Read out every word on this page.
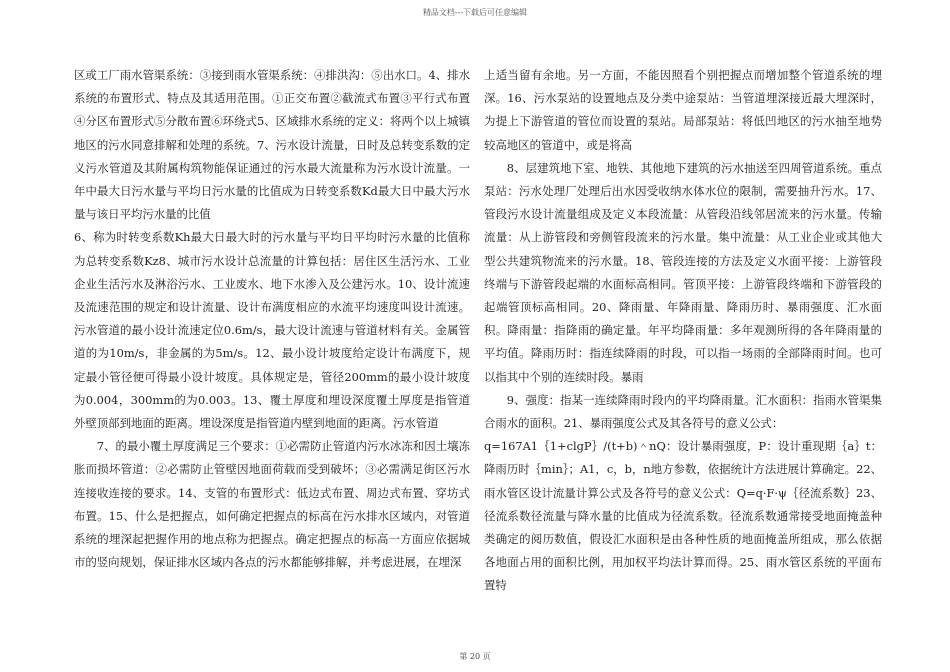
精品文档---下载后可任意编辑

区或工厂雨水管渠系统：③接到雨水管渠系统：④排洪沟：⑤出水口。4、排水系统的布置形式、特点及其适用范围。①正交布置②截流式布置③平行式布置④分区布置形式⑤分散布置⑥环绕式5、区域排水系统的定义：将两个以上城镇地区的污水同意排解和处理的系统。7、污水设计流量，日时及总转变系数的定义污水管道及其附属构筑物能保证通过的污水最大流量称为污水设计流量。一年中最大日污水量与平均日污水量的比值成为日转变系数Kd最大日中最大污水量与该日平均污水量的比值

6、称为时转变系数Kh最大日最大时的污水量与平均日平均时污水量的比值称为总转变系数Kz8、城市污水设计总流量的计算包括：居住区生活污水、工业企业生活污水及淋浴污水、工业废水、地下水渗入及公建污水。10、设计流速及流速范围的规定和设计流量、设计布满度相应的水流平均速度叫设计流速。污水管道的最小设计流速定位0.6m/s，最大设计流速与管道材料有关。金属管道的为10m/s，非金属的为5m/s。12、最小设计坡度给定设计布满度下，规定最小管径便可得最小设计坡度。具体规定是，管径200mm的最小设计坡度为0.004，300mm的为0.003。13、覆土厚度和埋设深度覆土厚度是指管道外壁顶部到地面的距离。埋设深度是指管道内壁到地面的距离。污水管道

7、的最小覆土厚度满足三个要求：①必需防止管道内污水冰冻和因土壤冻胀而损坏管道：②必需防止管壁因地面荷载而受到破坏；③必需满足街区污水连接收连接的要求。14、支管的布置形式：低边式布置、周边式布置、穿坊式布置。15、什么是把握点，如何确定把握点的标高在污水排水区域内，对管道系统的埋深起把握作用的地点称为把握点。确定把握点的标高一方面应依据城市的竖向规划，保证排水区域内各点的污水都能够排解，并考虑进展，在埋深

上适当留有余地。另一方面，不能因照看个别把握点而增加整个管道系统的埋深。16、污水泵站的设置地点及分类中途泵站：当管道埋深接近最大埋深时，为提上下游管道的管位而设置的泵站。局部泵站：将低凹地区的污水抽至地势较高地区的管道中，或是将高

8、层建筑地下室、地铁、其他地下建筑的污水抽送至四周管道系统。重点泵站：污水处理厂处理后出水因受收纳水体水位的限制，需要抽升污水。17、管段污水设计流量组成及定义本段流量：从管段沿线邻居流来的污水量。传输流量：从上游管段和旁侧管段流来的污水量。集中流量：从工业企业或其他大型公共建筑物流来的污水量。18、管段连接的方法及定义水面平接：上游管段终端与下游管段起端的水面标高相同。管顶平接：上游管段终端和下游管段的起端管顶标高相同。20、降雨量、年降雨量、降雨历时、暴雨强度、汇水面积。降雨量：指降雨的确定量。年平均降雨量：多年观测所得的各年降雨量的平均值。降雨历时：指连续降雨的时段，可以指一场雨的全部降雨时间。也可以指其中个别的连续时段。暴雨

9、强度：指某一连续降雨时段内的平均降雨量。汇水面积：指雨水管渠集合雨水的面积。21、暴雨强度公式及其各符号的意义公式：

q=167A1｛1+clgP｝/(t+b)＾nQ：设计暴雨强度，P：设计重现期｛a｝t：降雨历时｛min｝；A1，c，b，n地方参数，依据统计方法进展计算确定。22、雨水管区设计流量计算公式及各符号的意义公式：Q=q·F·ψ｛径流系数｝23、径流系数径流量与降水量的比值成为径流系数。径流系数通常接受地面掩盖种类确定的阅历数值，假设汇水面积是由各种性质的地面掩盖所组成，那么依据各地面占用的面积比例，用加权平均法计算而得。25、雨水管区系统的平面布置特

第 20 页
